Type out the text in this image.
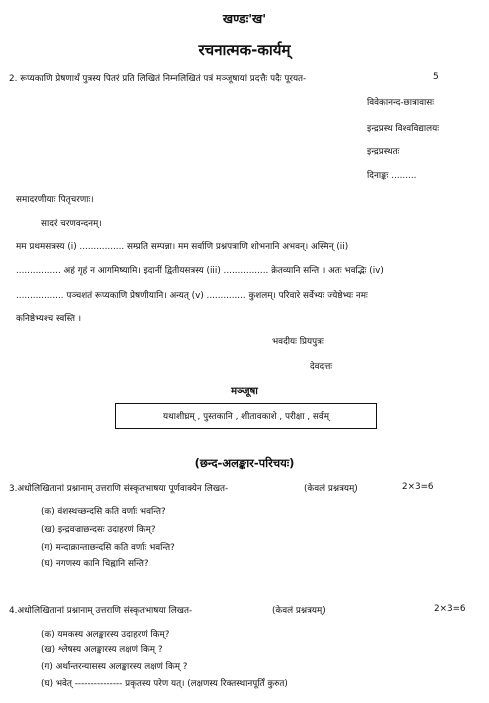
खण्डः'ख'
रचनात्मक-कार्यम्
2. रूप्यकाणि प्रेषणार्थं पुत्रस्य पितरं प्रति लिखितं निम्नलिखितं पत्रं मञ्जूषायां प्रदत्तैः पदैः पूरयत-	5
विवेकानन्द-छात्रावासः
इन्द्रप्रस्थ विश्वविद्यालयः
इन्द्रप्रस्थतः
दिनाङ्कः .........
समादरणीयाः पितृचरणाः।
सादरं चरणवन्दनम्।
मम प्रथमसत्रस्य (i) ................ सम्प्रति सम्पन्ना। मम सर्वाणि प्रश्नपत्राणि शोभनानि अभवन्। अस्मिन् (ii)
................ अहं गृहं न आगमिष्यामि। इदानीं द्वितीयसत्रस्य (iii) ................ क्रेतव्यानि सन्ति । अतः भवद्भिः (iv)
................. पञ्चशतं रूप्यकाणि प्रेषणीयानि। अन्यत् (v) .............. कुशलम्। परिवारे सर्वेभ्यः ज्येष्ठेभ्यः नमः
कनिष्ठेभ्यश्च स्वस्ति ।
भवदीयः प्रियपुत्रः
देवदत्तः
मञ्जूषा
यथाशीघ्रम् , पुस्तकानि , शीतावकाशे , परीक्षा , सर्वम्
(छन्द-अलङ्कार-परिचयः)
3.अधोलिखितानां प्रश्नानाम् उत्तराणि संस्कृतभाषया पूर्णवाक्येन लिखत-	(केवलं प्रश्नत्रयम्)	2×3=6
(क) वंशस्थच्छन्दसि कति वर्णाः भवन्ति?
(ख) इन्द्रवज्राछन्दसः उदाहरणं किम्?
(ग) मन्दाक्रान्ताछन्दसि कति वर्णाः भवन्ति?
(घ) नगणस्य कानि चिह्नानि सन्ति?
4.अधोलिखितानां प्रश्नानाम् उत्तराणि संस्कृतभाषया लिखत-	(केवलं प्रश्नत्रयम्)	2×3=6
(क) यमकस्य अलङ्कारस्य उदाहरणं किम्?
(ख) श्लेषस्य अलङ्कारस्य लक्षणं किम् ?
(ग) अर्थान्तरन्यासस्य अलङ्कारस्य लक्षणं किम् ?
(घ) भवेत् --------------- प्रकृतस्य परेण यत्। (लक्षणस्य रिक्तस्थानपूर्तिं कुरुत)
